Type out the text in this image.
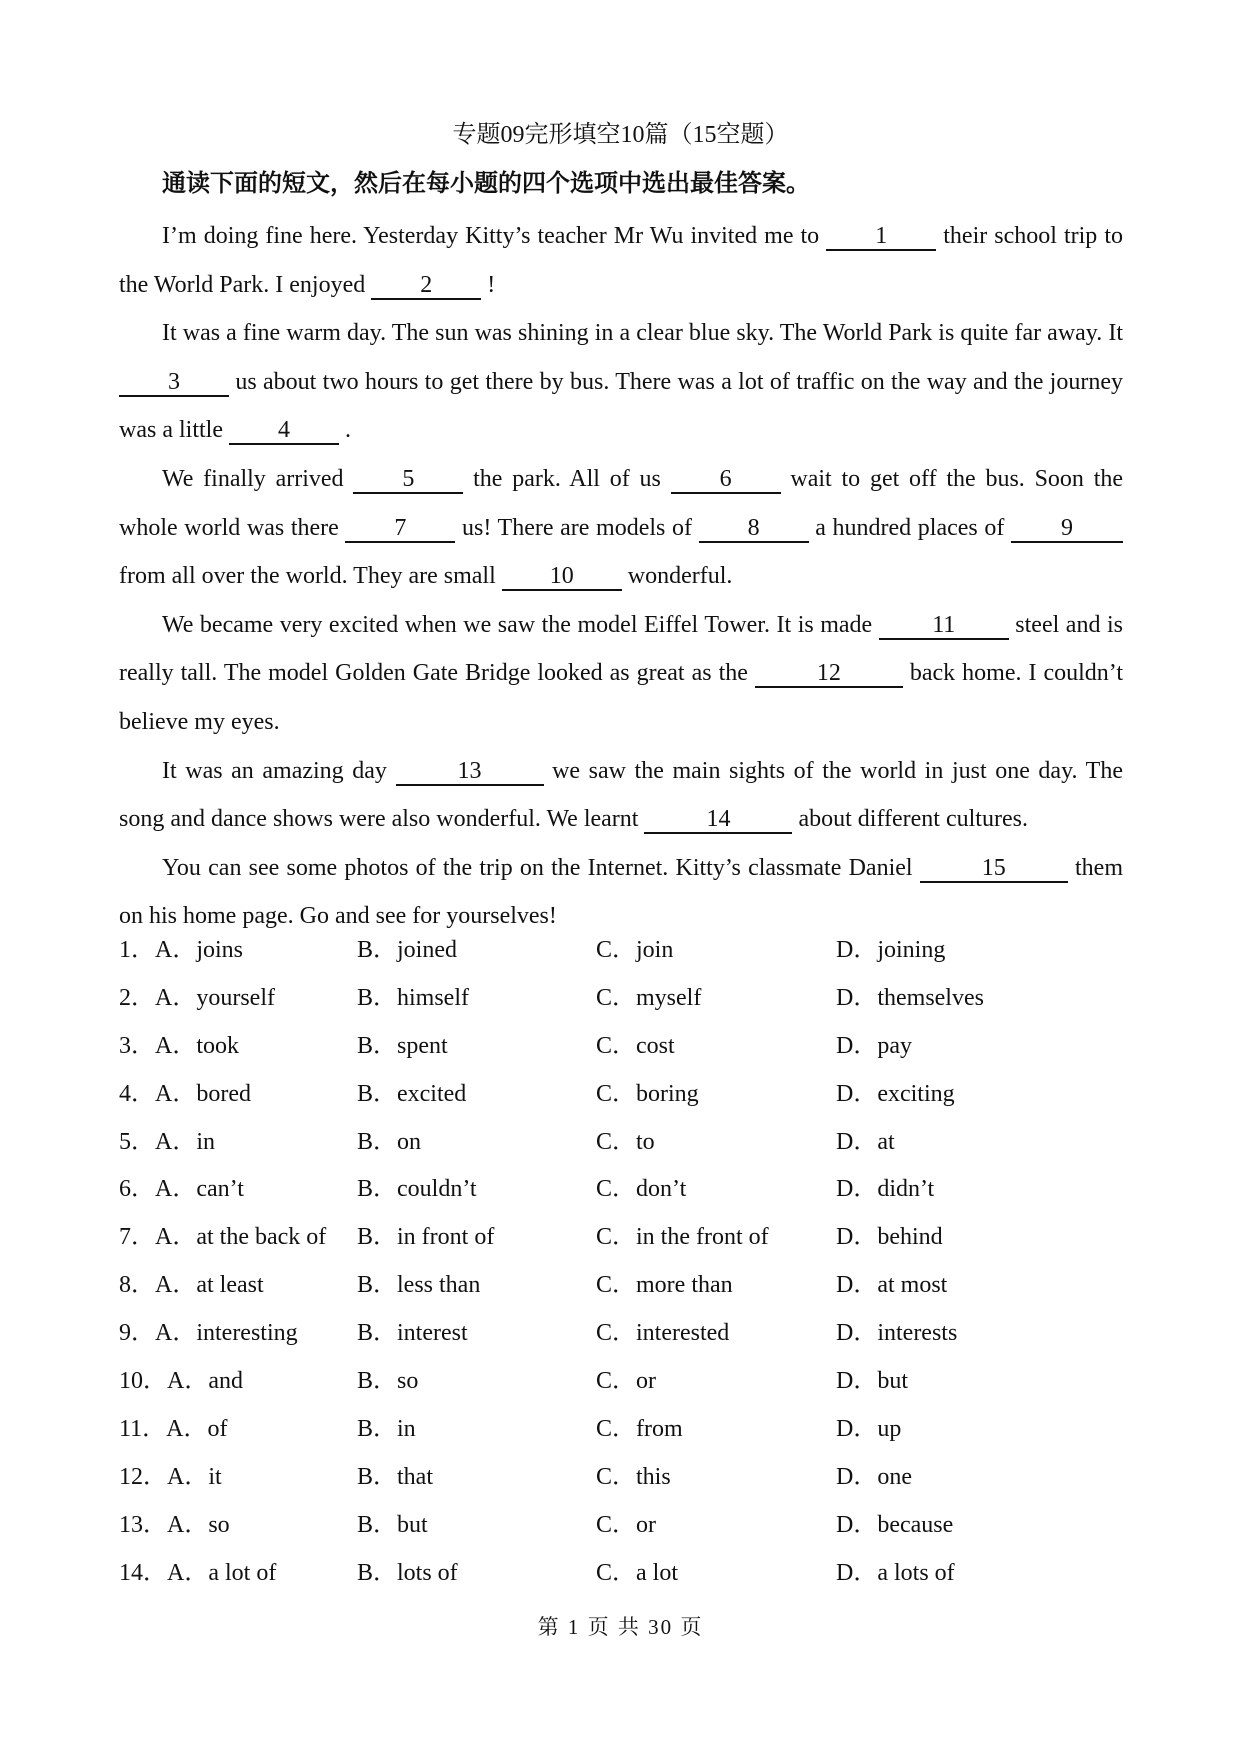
专题09完形填空10篇（15空题）
通读下面的短文，然后在每小题的四个选项中选出最佳答案。

I’m doing fine here. Yesterday Kitty’s teacher Mr Wu invited me to 1 their school trip to the World Park. I enjoyed 2 !

It was a fine warm day. The sun was shining in a clear blue sky. The World Park is quite far away. It 3 us about two hours to get there by bus. There was a lot of traffic on the way and the journey was a little 4 .

We finally arrived 5 the park. All of us 6 wait to get off the bus. Soon the whole world was there 7 us! There are models of 8 a hundred places of 9 from all over the world. They are small 10 wonderful.

We became very excited when we saw the model Eiffel Tower. It is made 11 steel and is really tall. The model Golden Gate Bridge looked as great as the	12	back home. I couldn’t believe my eyes.

It was an amazing day	13	we saw the main sights of the world in just one day. The song and dance shows were also wonderful. We learnt	14	about different cultures.

You can see some photos of the trip on the Internet. Kitty’s classmate Daniel	15	them on his home page. Go and see for yourselves!

1．A．joins	B．joined	C．join	D．joining
2．A．yourself	B．himself	C．myself	D．themselves
3．A．took	B．spent	C．cost	D．pay
4．A．bored	B．excited	C．boring	D．exciting
5．A．in	B．on	C．to	D．at
6．A．can’t	B．couldn’t	C．don’t	D．didn’t
7．A．at the back of B．in front of	C．in the front of	D．behind
8．A．at least	B．less than	C．more than	D．at most
9．A．interesting B．interest	C．interested	D．interests
10．A．and	B．so	C．or	D．but
11．A．of	B．in	C．from	D．up
12．A．it	B．that	C．this	D．one
13．A．so	B．but	C．or	D．because
14．A．a lot of	B．lots of	C．a lot	D．a lots of
第 1 页 共 30 页
